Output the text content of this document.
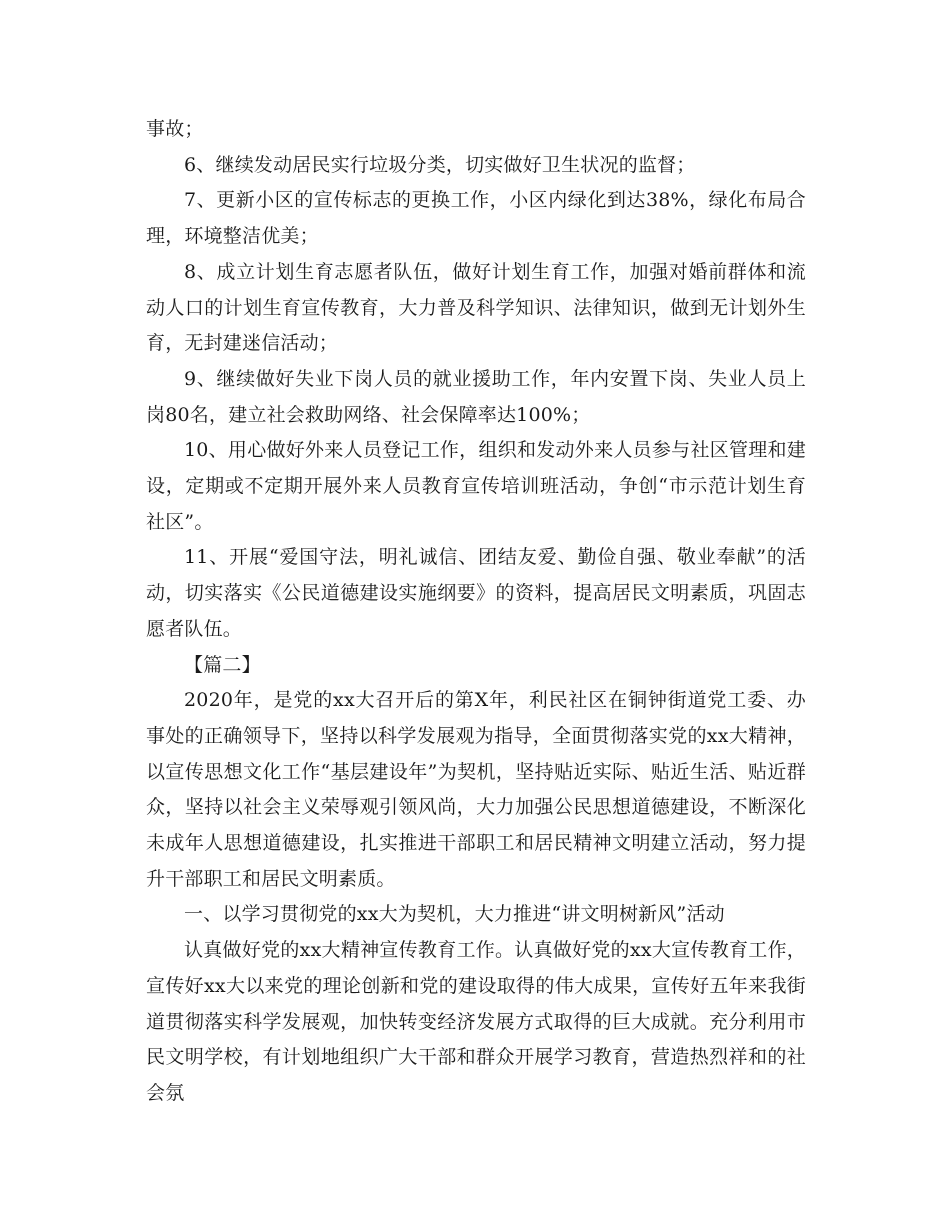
事故；

6、继续发动居民实行垃圾分类，切实做好卫生状况的监督；

7、更新小区的宣传标志的更换工作，小区内绿化到达38%，绿化布局合理，环境整洁优美；

8、成立计划生育志愿者队伍，做好计划生育工作，加强对婚前群体和流动人口的计划生育宣传教育，大力普及科学知识、法律知识，做到无计划外生育，无封建迷信活动；

9、继续做好失业下岗人员的就业援助工作，年内安置下岗、失业人员上岗80名，建立社会救助网络、社会保障率达100%；

10、用心做好外来人员登记工作，组织和发动外来人员参与社区管理和建设，定期或不定期开展外来人员教育宣传培训班活动，争创“市示范计划生育社区”。

11、开展“爱国守法，明礼诚信、团结友爱、勤俭自强、敬业奉献”的活动，切实落实《公民道德建设实施纲要》的资料，提高居民文明素质，巩固志愿者队伍。

【篇二】

2020年，是党的xx大召开后的第X年，利民社区在铜钟街道党工委、办事处的正确领导下，坚持以科学发展观为指导，全面贯彻落实党的xx大精神，以宣传思想文化工作“基层建设年”为契机，坚持贴近实际、贴近生活、贴近群众，坚持以社会主义荣辱观引领风尚，大力加强公民思想道德建设，不断深化未成年人思想道德建设，扎实推进干部职工和居民精神文明建立活动，努力提升干部职工和居民文明素质。

一、以学习贯彻党的xx大为契机，大力推进“讲文明树新风”活动

认真做好党的xx大精神宣传教育工作。认真做好党的xx大宣传教育工作，宣传好xx大以来党的理论创新和党的建设取得的伟大成果，宣传好五年来我街道贯彻落实科学发展观，加快转变经济发展方式取得的巨大成就。充分利用市民文明学校，有计划地组织广大干部和群众开展学习教育，营造热烈祥和的社会氛
